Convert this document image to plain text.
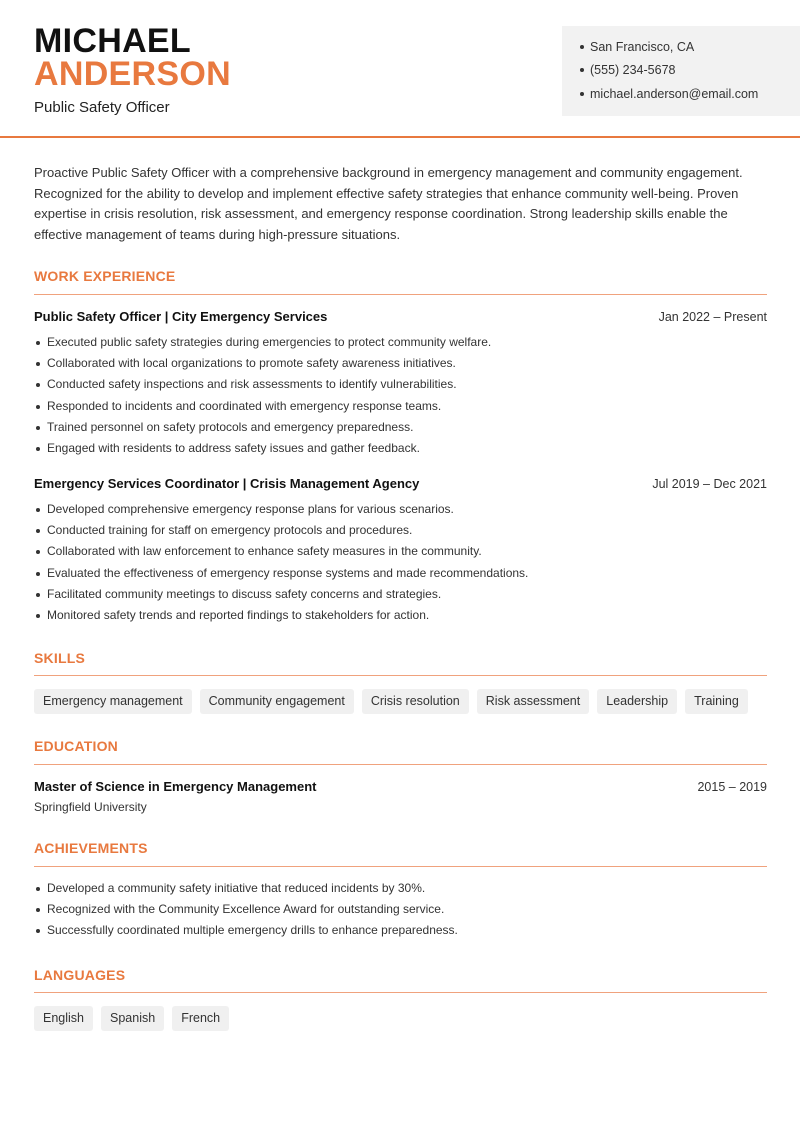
MICHAEL
ANDERSON
Public Safety Officer
San Francisco, CA
(555) 234-5678
michael.anderson@email.com
Proactive Public Safety Officer with a comprehensive background in emergency management and community engagement. Recognized for the ability to develop and implement effective safety strategies that enhance community well-being. Proven expertise in crisis resolution, risk assessment, and emergency response coordination. Strong leadership skills enable the effective management of teams during high-pressure situations.
WORK EXPERIENCE
Public Safety Officer | City Emergency Services	Jan 2022 – Present
Executed public safety strategies during emergencies to protect community welfare.
Collaborated with local organizations to promote safety awareness initiatives.
Conducted safety inspections and risk assessments to identify vulnerabilities.
Responded to incidents and coordinated with emergency response teams.
Trained personnel on safety protocols and emergency preparedness.
Engaged with residents to address safety issues and gather feedback.
Emergency Services Coordinator | Crisis Management Agency	Jul 2019 – Dec 2021
Developed comprehensive emergency response plans for various scenarios.
Conducted training for staff on emergency protocols and procedures.
Collaborated with law enforcement to enhance safety measures in the community.
Evaluated the effectiveness of emergency response systems and made recommendations.
Facilitated community meetings to discuss safety concerns and strategies.
Monitored safety trends and reported findings to stakeholders for action.
SKILLS
Emergency management	Community engagement	Crisis resolution	Risk assessment	Leadership	Training
EDUCATION
Master of Science in Emergency Management	2015 – 2019
Springfield University
ACHIEVEMENTS
Developed a community safety initiative that reduced incidents by 30%.
Recognized with the Community Excellence Award for outstanding service.
Successfully coordinated multiple emergency drills to enhance preparedness.
LANGUAGES
English	Spanish	French
